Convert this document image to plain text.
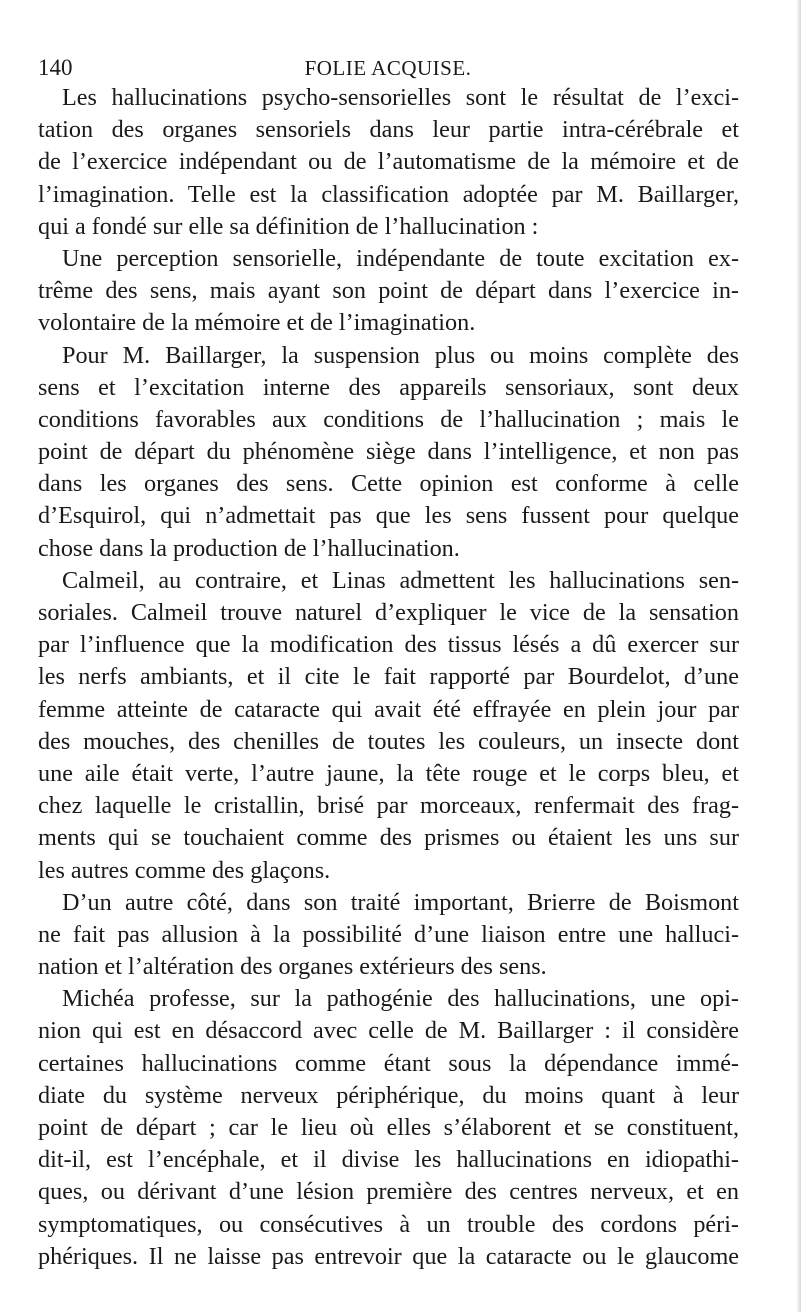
140	FOLIE ACQUISE.
Les hallucinations psycho-sensorielles sont le résultat de l’exci-
tation des organes sensoriels dans leur partie intra-cérébrale et
de l’exercice indépendant ou de l’automatisme de la mémoire et de
l’imagination. Telle est la classification adoptée par M. Baillarger,
qui a fondé sur elle sa définition de l’hallucination :
Une perception sensorielle, indépendante de toute excitation ex-
trême des sens, mais ayant son point de départ dans l’exercice in-
volontaire de la mémoire et de l’imagination.
Pour M. Baillarger, la suspension plus ou moins complète des
sens et l’excitation interne des appareils sensoriaux, sont deux
conditions favorables aux conditions de l’hallucination ; mais le
point de départ du phénomène siège dans l’intelligence, et non pas
dans les organes des sens. Cette opinion est conforme à celle
d’Esquirol, qui n’admettait pas que les sens fussent pour quelque
chose dans la production de l’hallucination.
Calmeil, au contraire, et Linas admettent les hallucinations sen-
soriales. Calmeil trouve naturel d’expliquer le vice de la sensation
par l’influence que la modification des tissus lésés a dû exercer sur
les nerfs ambiants, et il cite le fait rapporté par Bourdelot, d’une
femme atteinte de cataracte qui avait été effrayée en plein jour par
des mouches, des chenilles de toutes les couleurs, un insecte dont
une aile était verte, l’autre jaune, la tête rouge et le corps bleu, et
chez laquelle le cristallin, brisé par morceaux, renfermait des frag-
ments qui se touchaient comme des prismes ou étaient les uns sur
les autres comme des glaçons.
D’un autre côté, dans son traité important, Brierre de Boismont
ne fait pas allusion à la possibilité d’une liaison entre une halluci-
nation et l’altération des organes extérieurs des sens.
Michéa professe, sur la pathogénie des hallucinations, une opi-
nion qui est en désaccord avec celle de M. Baillarger : il considère
certaines hallucinations comme étant sous la dépendance immé-
diate du système nerveux périphérique, du moins quant à leur
point de départ ; car le lieu où elles s’élaborent et se constituent,
dit-il, est l’encéphale, et il divise les hallucinations en idiopathi-
ques, ou dérivant d’une lésion première des centres nerveux, et en
symptomatiques, ou consécutives à un trouble des cordons péri-
phériques. Il ne laisse pas entrevoir que la cataracte ou le glaucome
